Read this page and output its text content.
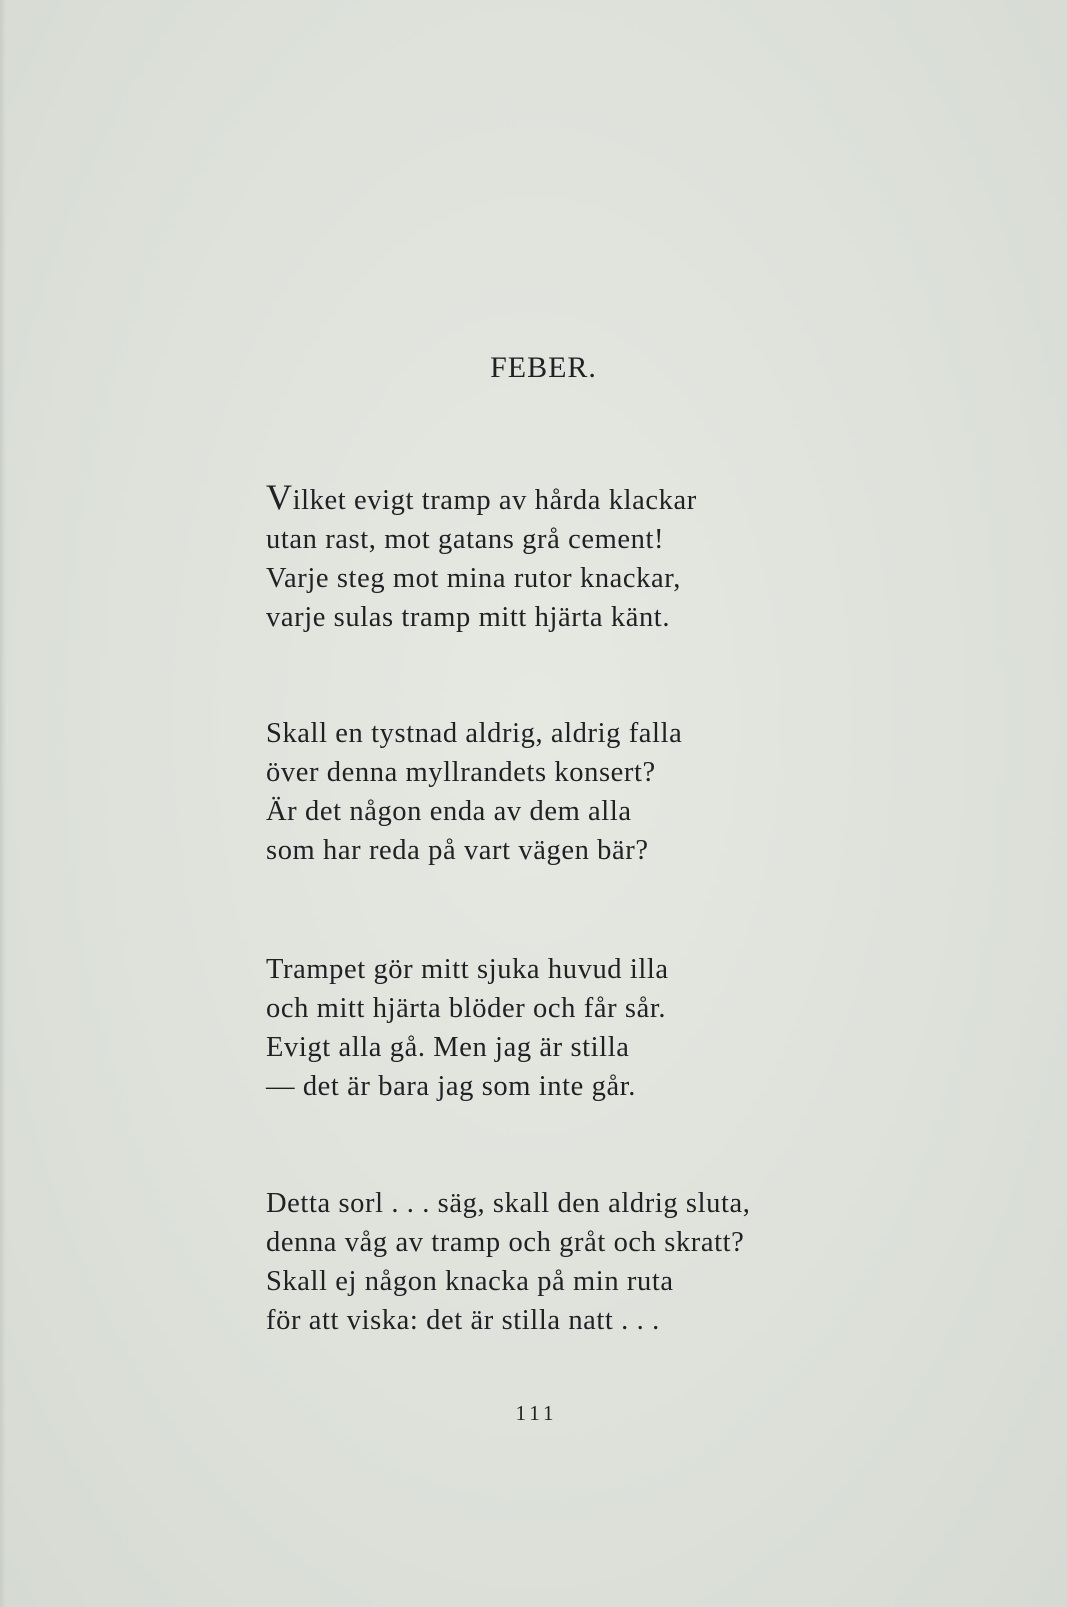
FEBER.
Vilket evigt tramp av hårda klackar
utan rast, mot gatans grå cement!
Varje steg mot mina rutor knackar,
varje sulas tramp mitt hjärta känt.
Skall en tystnad aldrig, aldrig falla
över denna myllrandets konsert?
Är det någon enda av dem alla
som har reda på vart vägen bär?
Trampet gör mitt sjuka huvud illa
och mitt hjärta blöder och får sår.
Evigt alla gå. Men jag är stilla
— det är bara jag som inte går.
Detta sorl . . . säg, skall den aldrig sluta,
denna våg av tramp och gråt och skratt?
Skall ej någon knacka på min ruta
för att viska: det är stilla natt . . .
111
